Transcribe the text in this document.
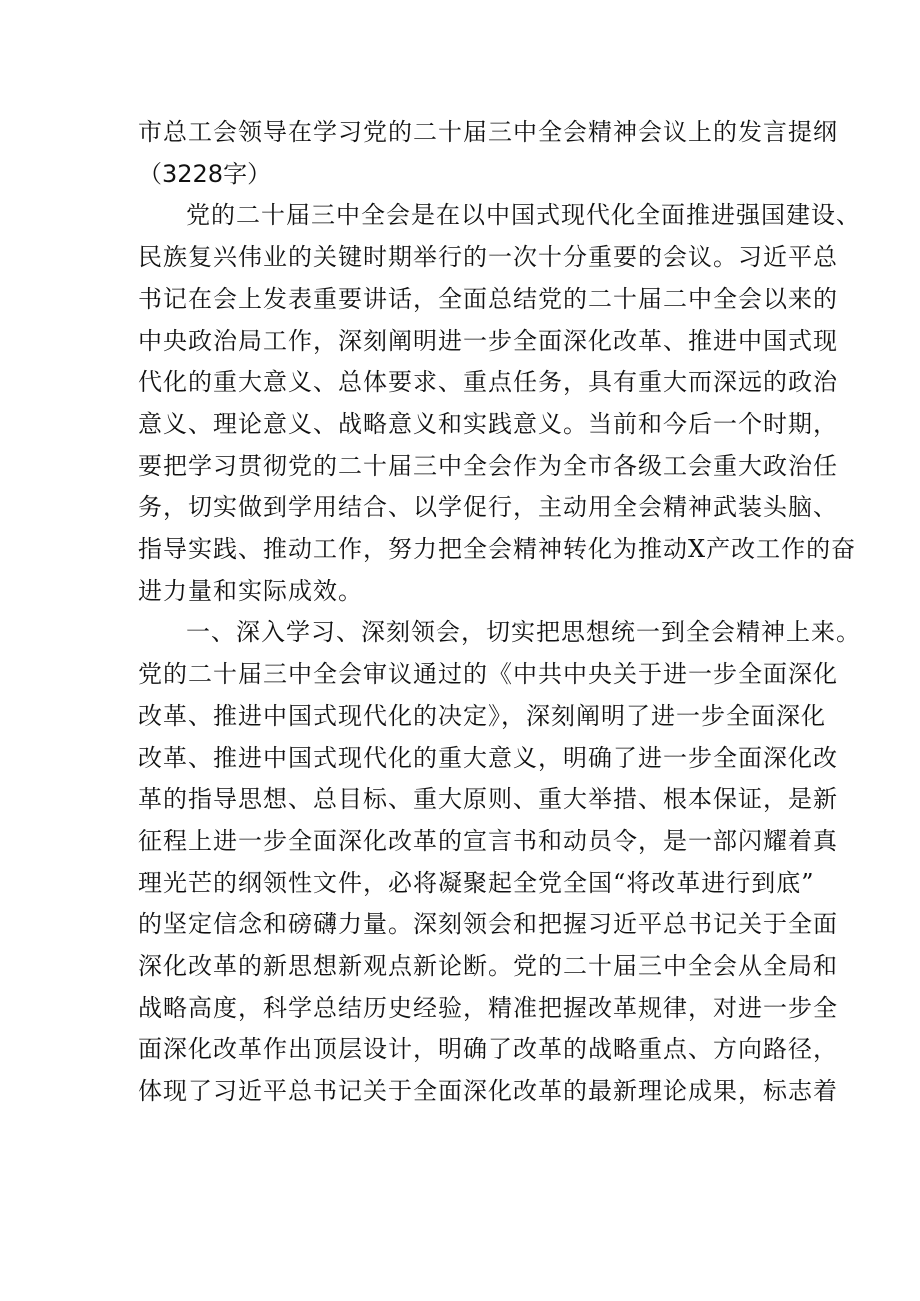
市总工会领导在学习党的二十届三中全会精神会议上的发言提纲
（3228字）
党的二十届三中全会是在以中国式现代化全面推进强国建设、
民族复兴伟业的关键时期举行的一次十分重要的会议。习近平总
书记在会上发表重要讲话，全面总结党的二十届二中全会以来的
中央政治局工作，深刻阐明进一步全面深化改革、推进中国式现
代化的重大意义、总体要求、重点任务，具有重大而深远的政治
意义、理论意义、战略意义和实践意义。当前和今后一个时期，
要把学习贯彻党的二十届三中全会作为全市各级工会重大政治任
务，切实做到学用结合、以学促行，主动用全会精神武装头脑、
指导实践、推动工作，努力把全会精神转化为推动X产改工作的奋
进力量和实际成效。
一、深入学习、深刻领会，切实把思想统一到全会精神上来。
党的二十届三中全会审议通过的《中共中央关于进一步全面深化
改革、推进中国式现代化的决定》，深刻阐明了进一步全面深化
改革、推进中国式现代化的重大意义，明确了进一步全面深化改
革的指导思想、总目标、重大原则、重大举措、根本保证，是新
征程上进一步全面深化改革的宣言书和动员令，是一部闪耀着真
理光芒的纲领性文件，必将凝聚起全党全国“将改革进行到底”
的坚定信念和磅礴力量。深刻领会和把握习近平总书记关于全面
深化改革的新思想新观点新论断。党的二十届三中全会从全局和
战略高度，科学总结历史经验，精准把握改革规律，对进一步全
面深化改革作出顶层设计，明确了改革的战略重点、方向路径，
体现了习近平总书记关于全面深化改革的最新理论成果，标志着
